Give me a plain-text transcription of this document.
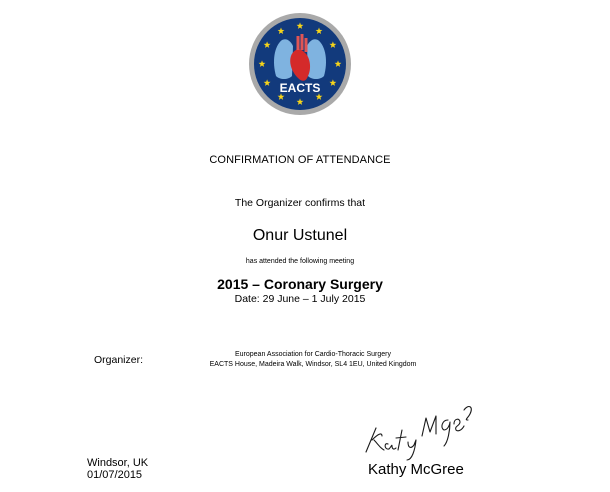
EACTS
CONFIRMATION OF ATTENDANCE
The Organizer confirms that
Onur Ustunel
has attended the following meeting
2015 – Coronary Surgery
Date: 29 June – 1 July 2015
Organizer:	European Association for Cardio-Thoracic Surgery
EACTS House, Madeira Walk, Windsor, SL4 1EU, United Kingdom
Windsor, UK
01/07/2015	Kathy McGree
